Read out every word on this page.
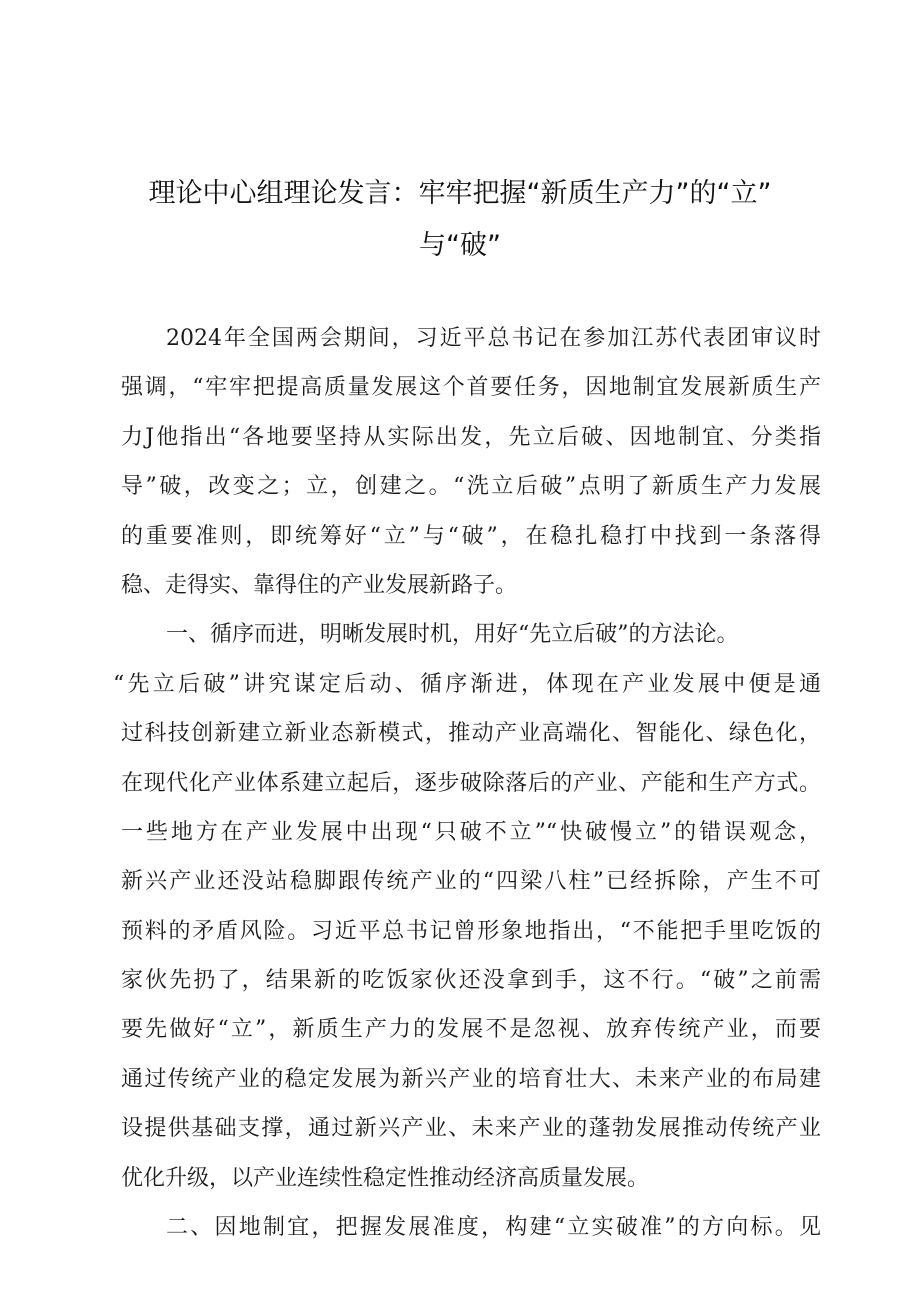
理论中心组理论发言：牢牢把握“新质生产力”的“立”
与“破”
2024年全国两会期间，习近平总书记在参加江苏代表团审议时
强调，“牢牢把提高质量发展这个首要任务，因地制宜发展新质生产
力J他指出“各地要坚持从实际出发，先立后破、因地制宜、分类指
导”破，改变之；立，创建之。“洗立后破”点明了新质生产力发展
的重要准则，即统筹好“立”与“破”，在稳扎稳打中找到一条落得
稳、走得实、靠得住的产业发展新路子。
一、循序而进，明晰发展时机，用好“先立后破”的方法论。
“先立后破”讲究谋定后动、循序渐进，体现在产业发展中便是通
过科技创新建立新业态新模式，推动产业高端化、智能化、绿色化，
在现代化产业体系建立起后，逐步破除落后的产业、产能和生产方式。
一些地方在产业发展中出现“只破不立”“快破慢立”的错误观念，
新兴产业还没站稳脚跟传统产业的“四梁八柱”已经拆除，产生不可
预料的矛盾风险。习近平总书记曾形象地指出，“不能把手里吃饭的
家伙先扔了，结果新的吃饭家伙还没拿到手，这不行。“破”之前需
要先做好“立”，新质生产力的发展不是忽视、放弃传统产业，而要
通过传统产业的稳定发展为新兴产业的培育壮大、未来产业的布局建
设提供基础支撑，通过新兴产业、未来产业的蓬勃发展推动传统产业
优化升级，以产业连续性稳定性推动经济高质量发展。
二、因地制宜，把握发展准度，构建“立实破准”的方向标。见
